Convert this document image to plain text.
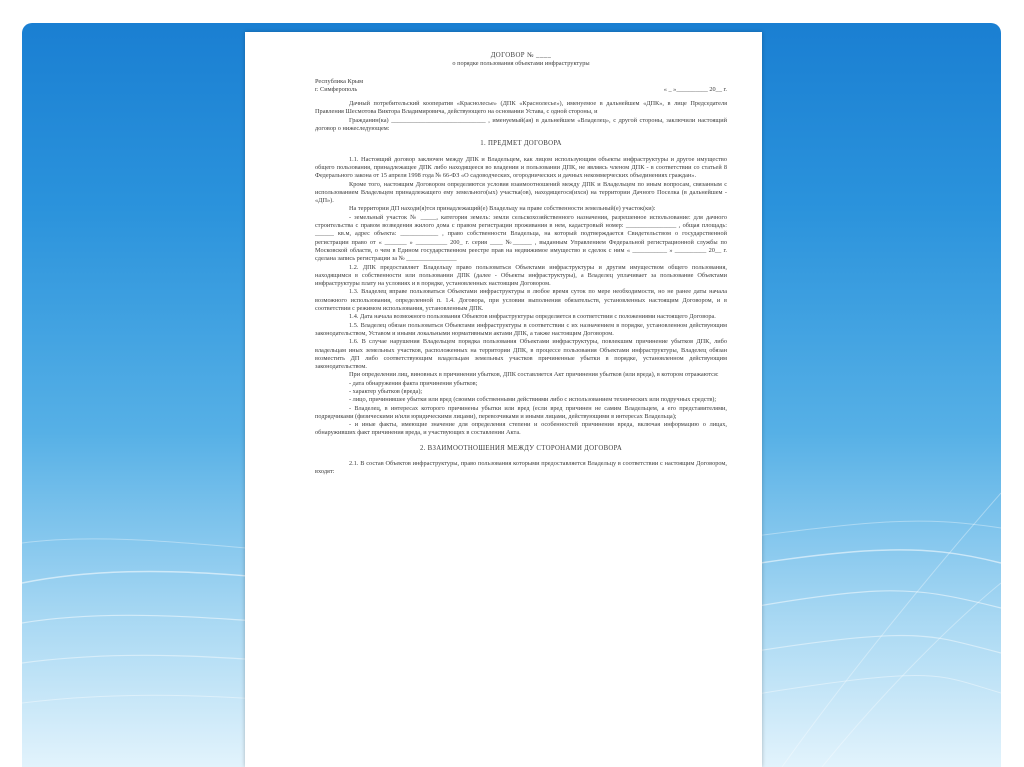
ДОГОВОР № ____
о порядке пользования объектами инфраструктуры
Республика Крым
г. Симферополь	« _ »__________ 20__ г.

Дачный потребительский кооператив «Краснолесье» (ДПК «Краснолесье»), именуемое в дальнейшем «ДПК», в лице Председателя Правления Шесмотова Виктора Владимировича, действующего на основании Устава, с одной стороны, и

Гражданин(ка) ______________________________ , именуемый(ая) в дальнейшем «Владелец», с другой стороны, заключили настоящий договор о нижеследующем:

1. ПРЕДМЕТ ДОГОВОРА

1.1. Настоящий договор заключен между ДПК и Владельцем, как лицом использующим объекты инфраструктуры и другое имущество общего пользования, принадлежащее ДПК либо находящееся во владении и пользовании ДПК, не являясь членом ДПК - в соответствии со статьей 8 Федерального закона от 15 апреля 1998 года № 66-ФЗ «О садоводческих, огороднических и дачных некоммерческих объединениях граждан».

Кроме того, настоящим Договором определяются условия взаимоотношений между ДПК и Владельцем по иным вопросам, связанным с использованием Владельцем принадлежащего ему земельного(ых) участка(ов), находящегося(ихся) на территории Дачного Поселка (в дальнейшем - «ДП»).

На территории ДП находи(я)тся принадлежащий(е) Владельцу на праве собственности земельный(е) участок(ки):

- земельный участок № _____, категория земель: земли сельскохозяйственного назначения, разрешенное использование: для дачного строительства с правом возведения жилого дома с правом регистрации проживания в нем, кадастровый номер: ________________ , общая площадь: ______ кв.м, адрес объекта: ____________ , право собственности Владельца, на который подтверждается Свидетельством о государственной регистрации право от « _______ » __________ 200_ г. серия ____ №______ , выданным Управлением Федеральной регистрационной службы по Московской области, о чем в Едином государственном реестре прав на недвижимое имущество и сделок с ним « ___________ » __________ 20__ г. сделана запись регистрации за № ________________

1.2. ДПК предоставляет Владельцу право пользоваться Объектами инфраструктуры и другим имуществом общего пользования, находящимся в собственности или пользовании ДПК (далее - Объекты инфраструктуры), а Владелец уплачивает за пользование Объектами инфраструктуры плату на условиях и в порядке, установленных настоящим Договором.

1.3. Владелец вправе пользоваться Объектами инфраструктуры в любое время суток по мере необходимости, но не ранее даты начала возможного использования, определенной п. 1.4. Договора, при условии выполнения обязательств, установленных настоящим Договором, и в соответствии с режимом использования, установленным ДПК.

1.4. Дата начала возможного пользования Объектов инфраструктуры определяется в соответствии с положениями настоящего Договора.

1.5. Владелец обязан пользоваться Объектами инфраструктуры в соответствии с их назначением в порядке, установленном действующим законодательством, Уставом и иными локальными нормативными актами ДПК, а также настоящим Договором.

1.6. В случае нарушения Владельцем порядка пользования Объектами инфраструктуры, повлекшим причинение убытков ДПК, либо владельцам иных земельных участков, расположенных на территории ДПК, в процессе пользования Объектами инфраструктуры, Владелец обязан возместить ДП либо соответствующим владельцам земельных участков причиненные убытки в порядке, установленном действующим законодательством.

При определении лиц, виновных в причинении убытков, ДПК составляется Акт причинения убытков (или вреда), в котором отражаются:

- дата обнаружения факта причинения убытков;

- характер убытков (вреда);

- лицо, причинившее убытки или вред (своими собственными действиями либо с использованием технических или подручных средств);

- Владелец, в интересах которого причинены убытки или вред (если вред причинен не самим Владельцем, а его представителями, подрядчиками (физическими и/или юридическими лицами), перевозчиками и иными лицами, действующими в интересах Владельца);

- и иные факты, имеющие значение для определения степени и особенностей причинения вреда, включая информацию о лицах, обнаруживших факт причинения вреда, и участвующих в составлении Акта.

2. ВЗАИМООТНОШЕНИЯ МЕЖДУ СТОРОНАМИ ДОГОВОРА

2.1. В состав Объектов инфраструктуры, право пользования которыми предоставляется Владельцу в соответствии с настоящим Договором, входят:
